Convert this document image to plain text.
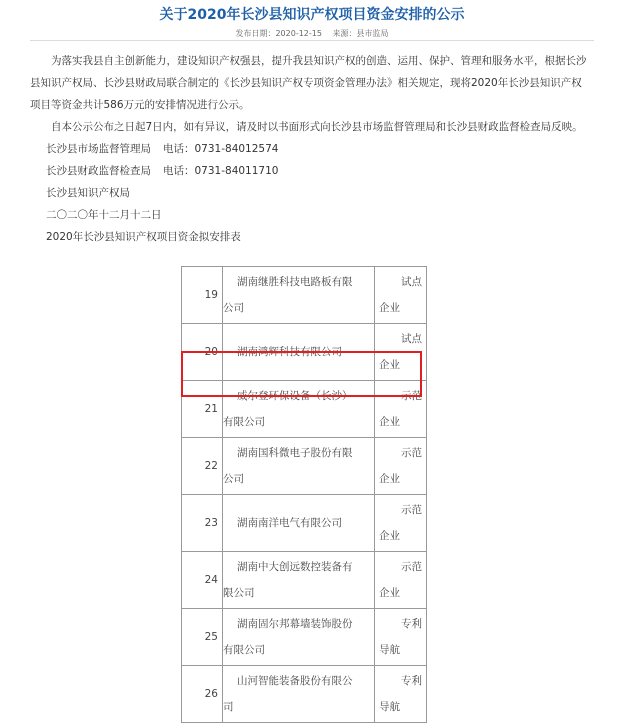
关于2020年长沙县知识产权项目资金安排的公示
发布日期：2020-12-15 来源：县市监局

为落实我县自主创新能力，建设知识产权强县，提升我县知识产权的创造、运用、保护、管理和服务水平，根据长沙县知识产权局、长沙县财政局联合制定的《长沙县知识产权专项资金管理办法》相关规定，现将2020年长沙县知识产权项目等资金共计586万元的安排情况进行公示。

自本公示公布之日起7日内，如有异议，请及时以书面形式向长沙县市场监督管理局和长沙县财政监督检查局反映。

长沙县市场监督管理局 电话：0731-84012574

长沙县财政监督检查局 电话：0731-84011710

长沙县知识产权局

二〇二〇年十二月十二日

2020年长沙县知识产权项目资金拟安排表

19	湖南继胜科技电路板有限
公司	试点
企业

20	湖南鸿辉科技有限公司	试点
企业

21	威尔登环保设备（长沙）
有限公司	示范
企业

22	湖南国科微电子股份有限
公司	示范
企业

23	湖南南洋电气有限公司	示范
企业

24	湖南中大创远数控装备有
限公司	示范
企业

25	湖南固尔邦幕墙装饰股份
有限公司	专利
导航

26	山河智能装备股份有限公
司	专利
导航
